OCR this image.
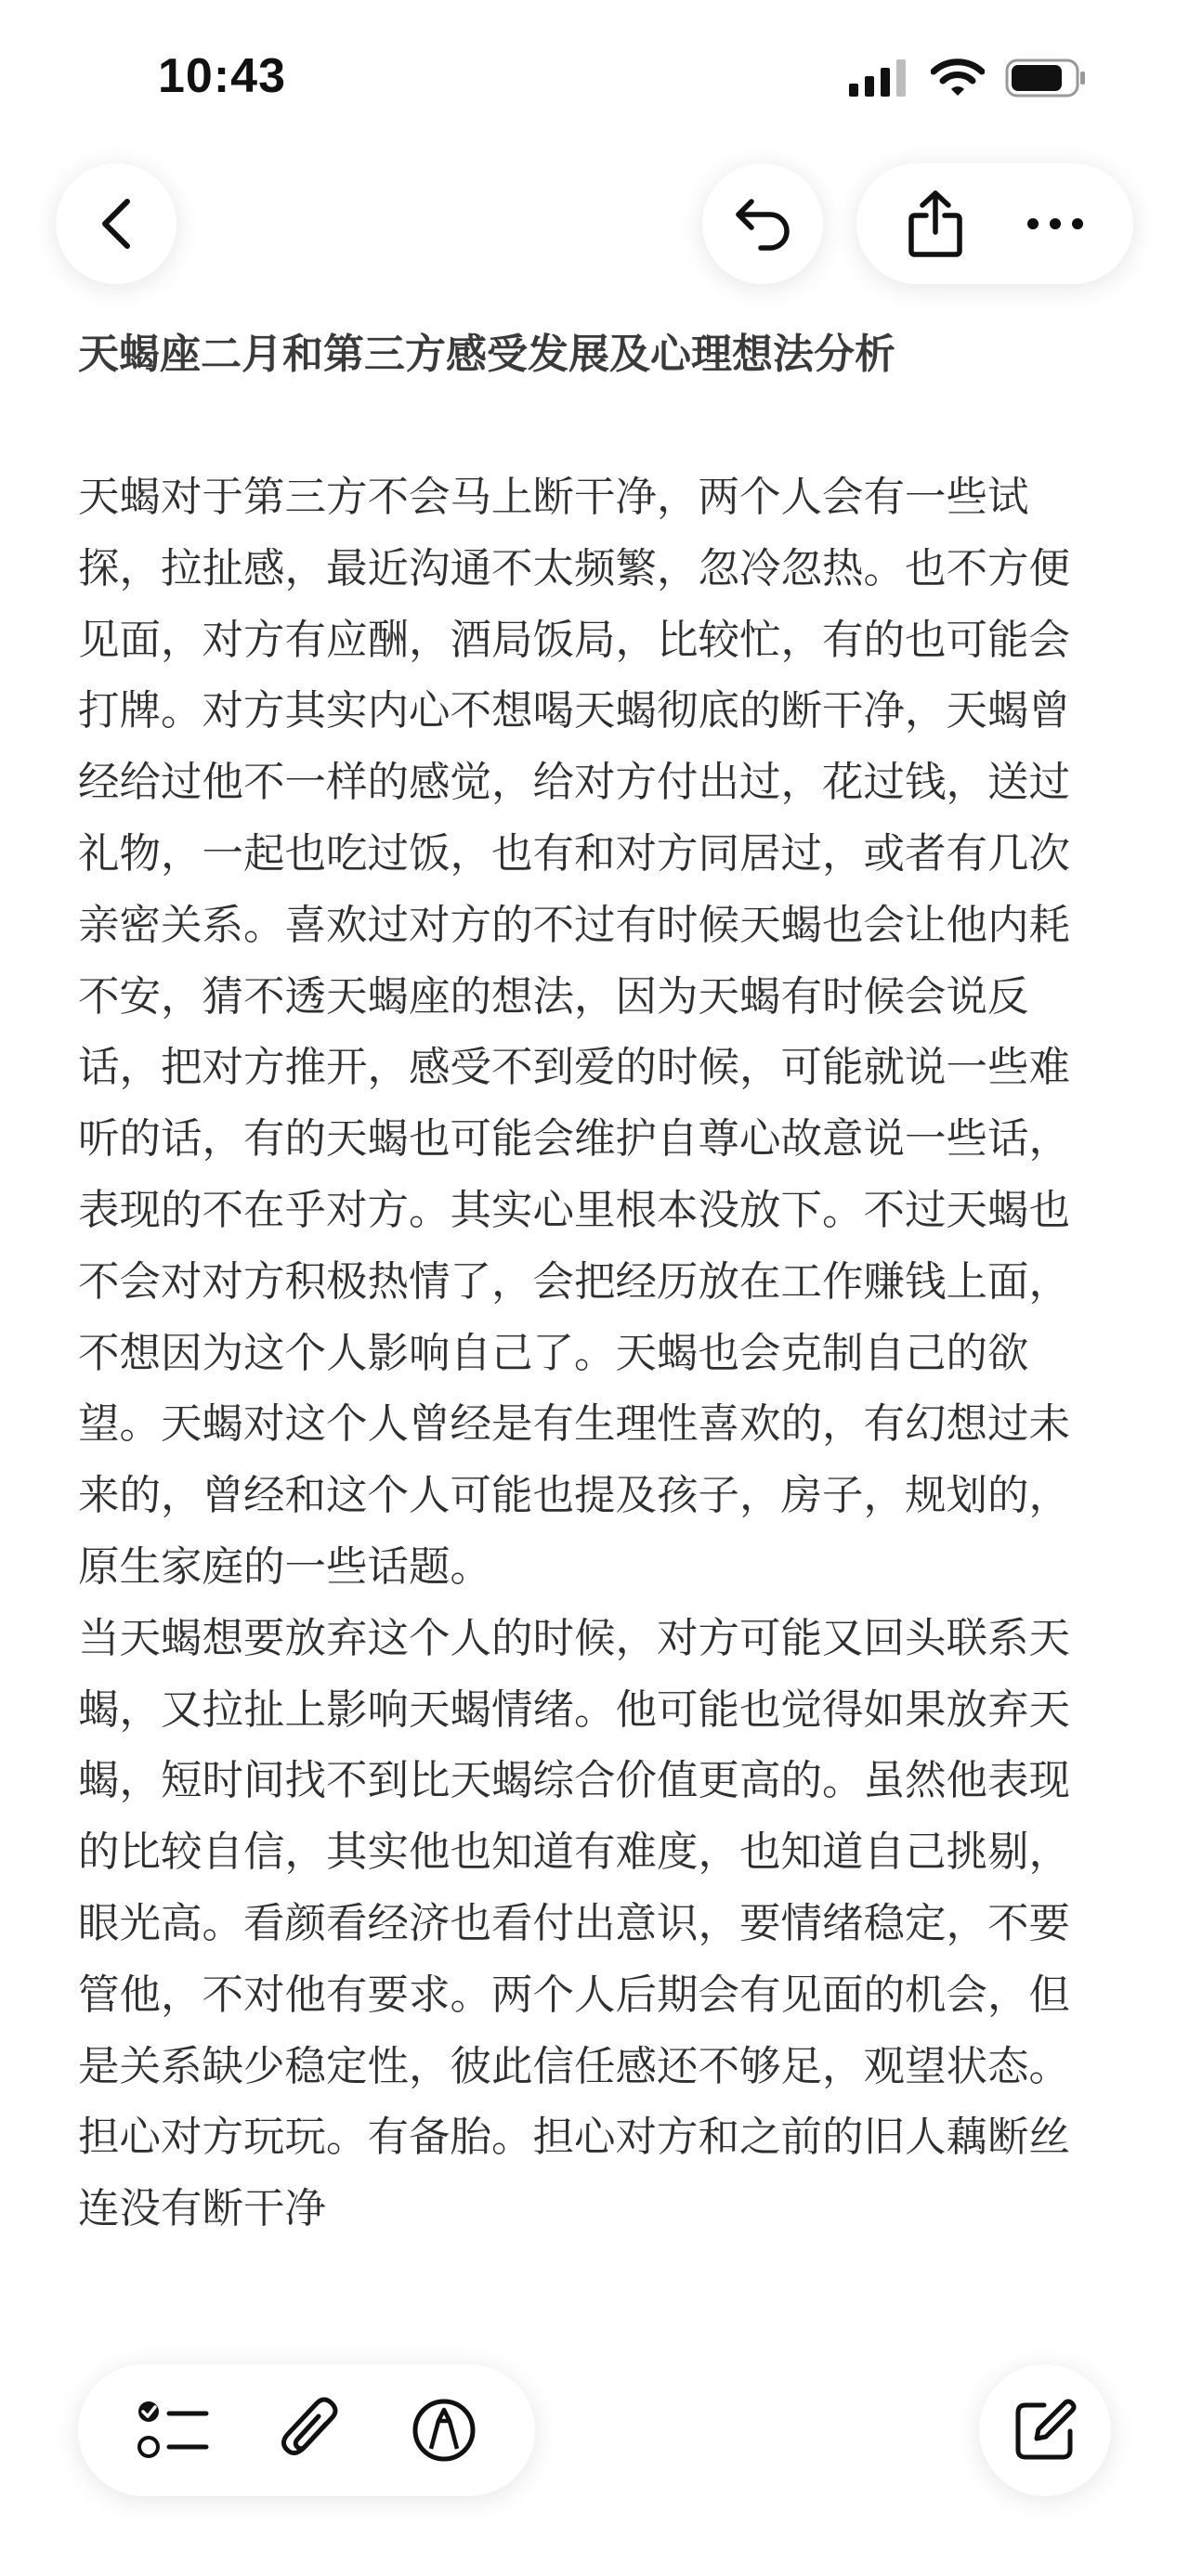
10:43
天蝎座二月和第三方感受发展及心理想法分析
天蝎对于第三方不会马上断干净，两个人会有一些试探，拉扯感，最近沟通不太频繁，忽冷忽热。也不方便见面，对方有应酬，酒局饭局，比较忙，有的也可能会打牌。对方其实内心不想喝天蝎彻底的断干净，天蝎曾经给过他不一样的感觉，给对方付出过，花过钱，送过礼物，一起也吃过饭，也有和对方同居过，或者有几次亲密关系。喜欢过对方的不过有时候天蝎也会让他内耗不安，猜不透天蝎座的想法，因为天蝎有时候会说反话，把对方推开，感受不到爱的时候，可能就说一些难听的话，有的天蝎也可能会维护自尊心故意说一些话，表现的不在乎对方。其实心里根本没放下。不过天蝎也不会对对方积极热情了，会把经历放在工作赚钱上面，不想因为这个人影响自己了。天蝎也会克制自己的欲望。天蝎对这个人曾经是有生理性喜欢的，有幻想过未来的，曾经和这个人可能也提及孩子，房子，规划的，原生家庭的一些话题。
当天蝎想要放弃这个人的时候，对方可能又回头联系天蝎，又拉扯上影响天蝎情绪。他可能也觉得如果放弃天蝎，短时间找不到比天蝎综合价值更高的。虽然他表现的比较自信，其实他也知道有难度，也知道自己挑剔，眼光高。看颜看经济也看付出意识，要情绪稳定，不要管他，不对他有要求。两个人后期会有见面的机会，但是关系缺少稳定性，彼此信任感还不够足，观望状态。担心对方玩玩。有备胎。担心对方和之前的旧人藕断丝连没有断干净
